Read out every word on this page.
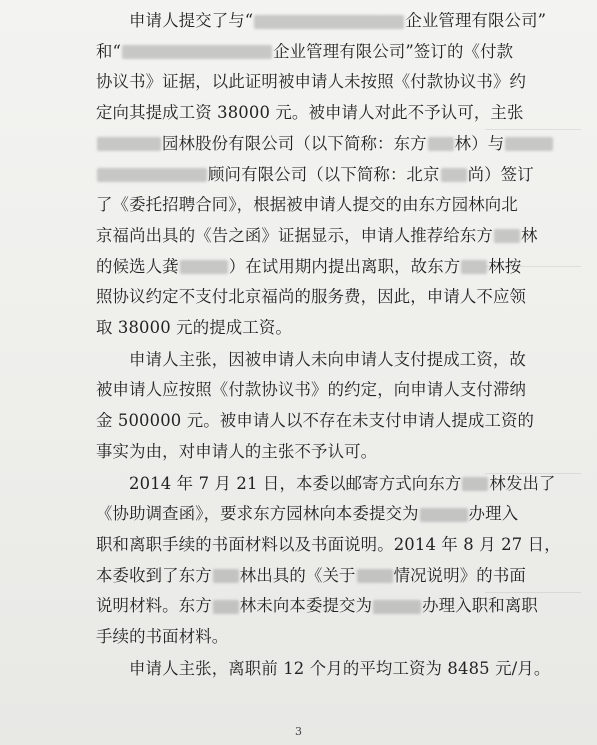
申请人提交了与“	企业管理有限公司”
和“	企业管理有限公司”签订的《付款
协议书》证据，以此证明被申请人未按照《付款协议书》约
定向其提成工资 38000 元。被申请人对此不予认可，主张
园林股份有限公司（以下简称：东方 林）与
顾问有限公司（以下简称：北京 尚）签订
了《委托招聘合同》，根据被申请人提交的由东方园林向北
京福尚出具的《告之函》证据显示，申请人推荐给东方 林
的候选人龚	）在试用期内提出离职，故东方 林按
照协议约定不支付北京福尚的服务费，因此，申请人不应领
取 38000 元的提成工资。
申请人主张，因被申请人未向申请人支付提成工资，故
被申请人应按照《付款协议书》的约定，向申请人支付滞纳
金 500000 元。被申请人以不存在未支付申请人提成工资的
事实为由，对申请人的主张不予认可。
2014 年 7 月 21 日，本委以邮寄方式向东方 林发出了
《协助调查函》，要求东方园林向本委提交为	办理入
职和离职手续的书面材料以及书面说明。2014 年 8 月 27 日，
本委收到了东方 林出具的《关于 情况说明》的书面
说明材料。东方 林未向本委提交为	办理入职和离职
手续的书面材料。
申请人主张，离职前 12 个月的平均工资为 8485 元/月。
3
